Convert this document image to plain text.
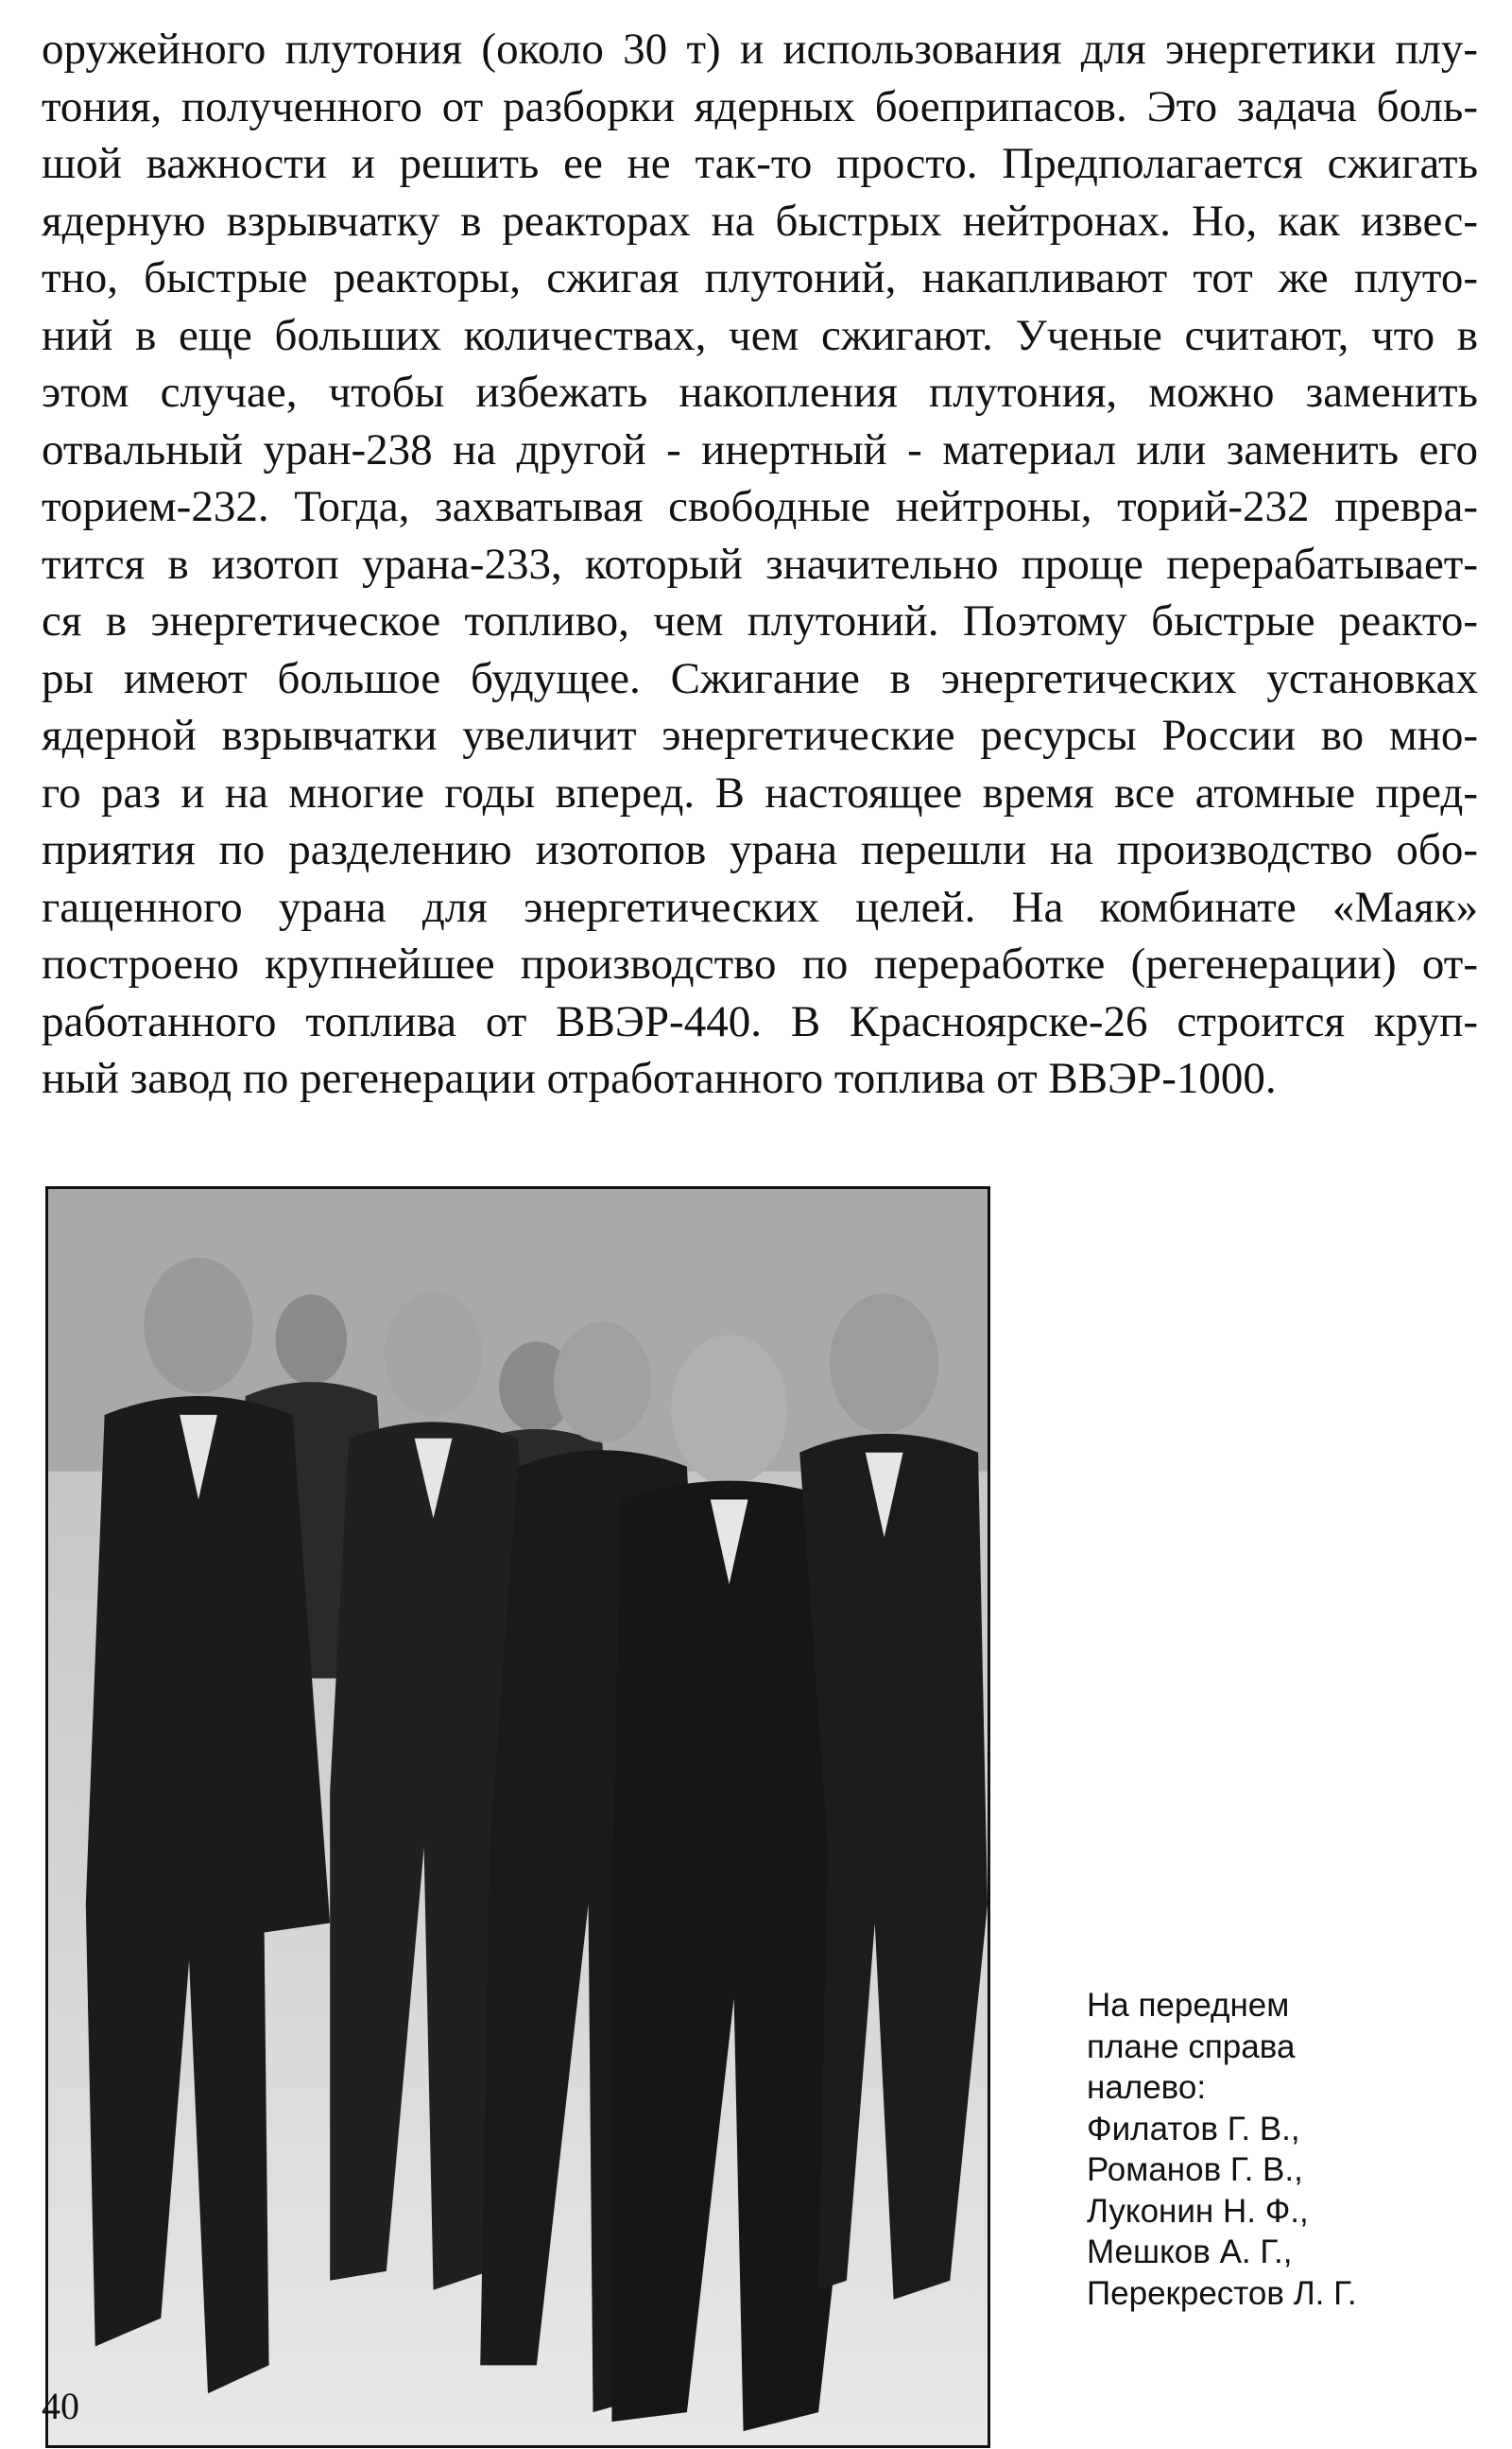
оружейного плутония (около 30 т) и использования для энергетики плу-
тония, полученного от разборки ядерных боеприпасов. Это задача боль-
шой важности и решить ее не так-то просто. Предполагается сжигать
ядерную взрывчатку в реакторах на быстрых нейтронах. Но, как извес-
тно, быстрые реакторы, сжигая плутоний, накапливают тот же плуто-
ний в еще больших количествах, чем сжигают. Ученые считают, что в
этом случае, чтобы избежать накопления плутония, можно заменить
отвальный уран-238 на другой - инертный - материал или заменить его
торием-232. Тогда, захватывая свободные нейтроны, торий-232 превра-
тится в изотоп урана-233, который значительно проще перерабатывает-
ся в энергетическое топливо, чем плутоний. Поэтому быстрые реакто-
ры имеют большое будущее. Сжигание в энергетических установках
ядерной взрывчатки увеличит энергетические ресурсы России во мно-
го раз и на многие годы вперед. В настоящее время все атомные пред-
приятия по разделению изотопов урана перешли на производство обо-
гащенного урана для энергетических целей. На комбинате «Маяк»
построено крупнейшее производство по переработке (регенерации) от-
работанного топлива от ВВЭР-440. В Красноярске-26 строится круп-
ный завод по регенерации отработанного топлива от ВВЭР-1000.
На переднем
плане справа
налево:
Филатов Г. В.,
Романов Г. В.,
Луконин Н. Ф.,
Мешков А. Г.,
Перекрестов Л. Г.
40
